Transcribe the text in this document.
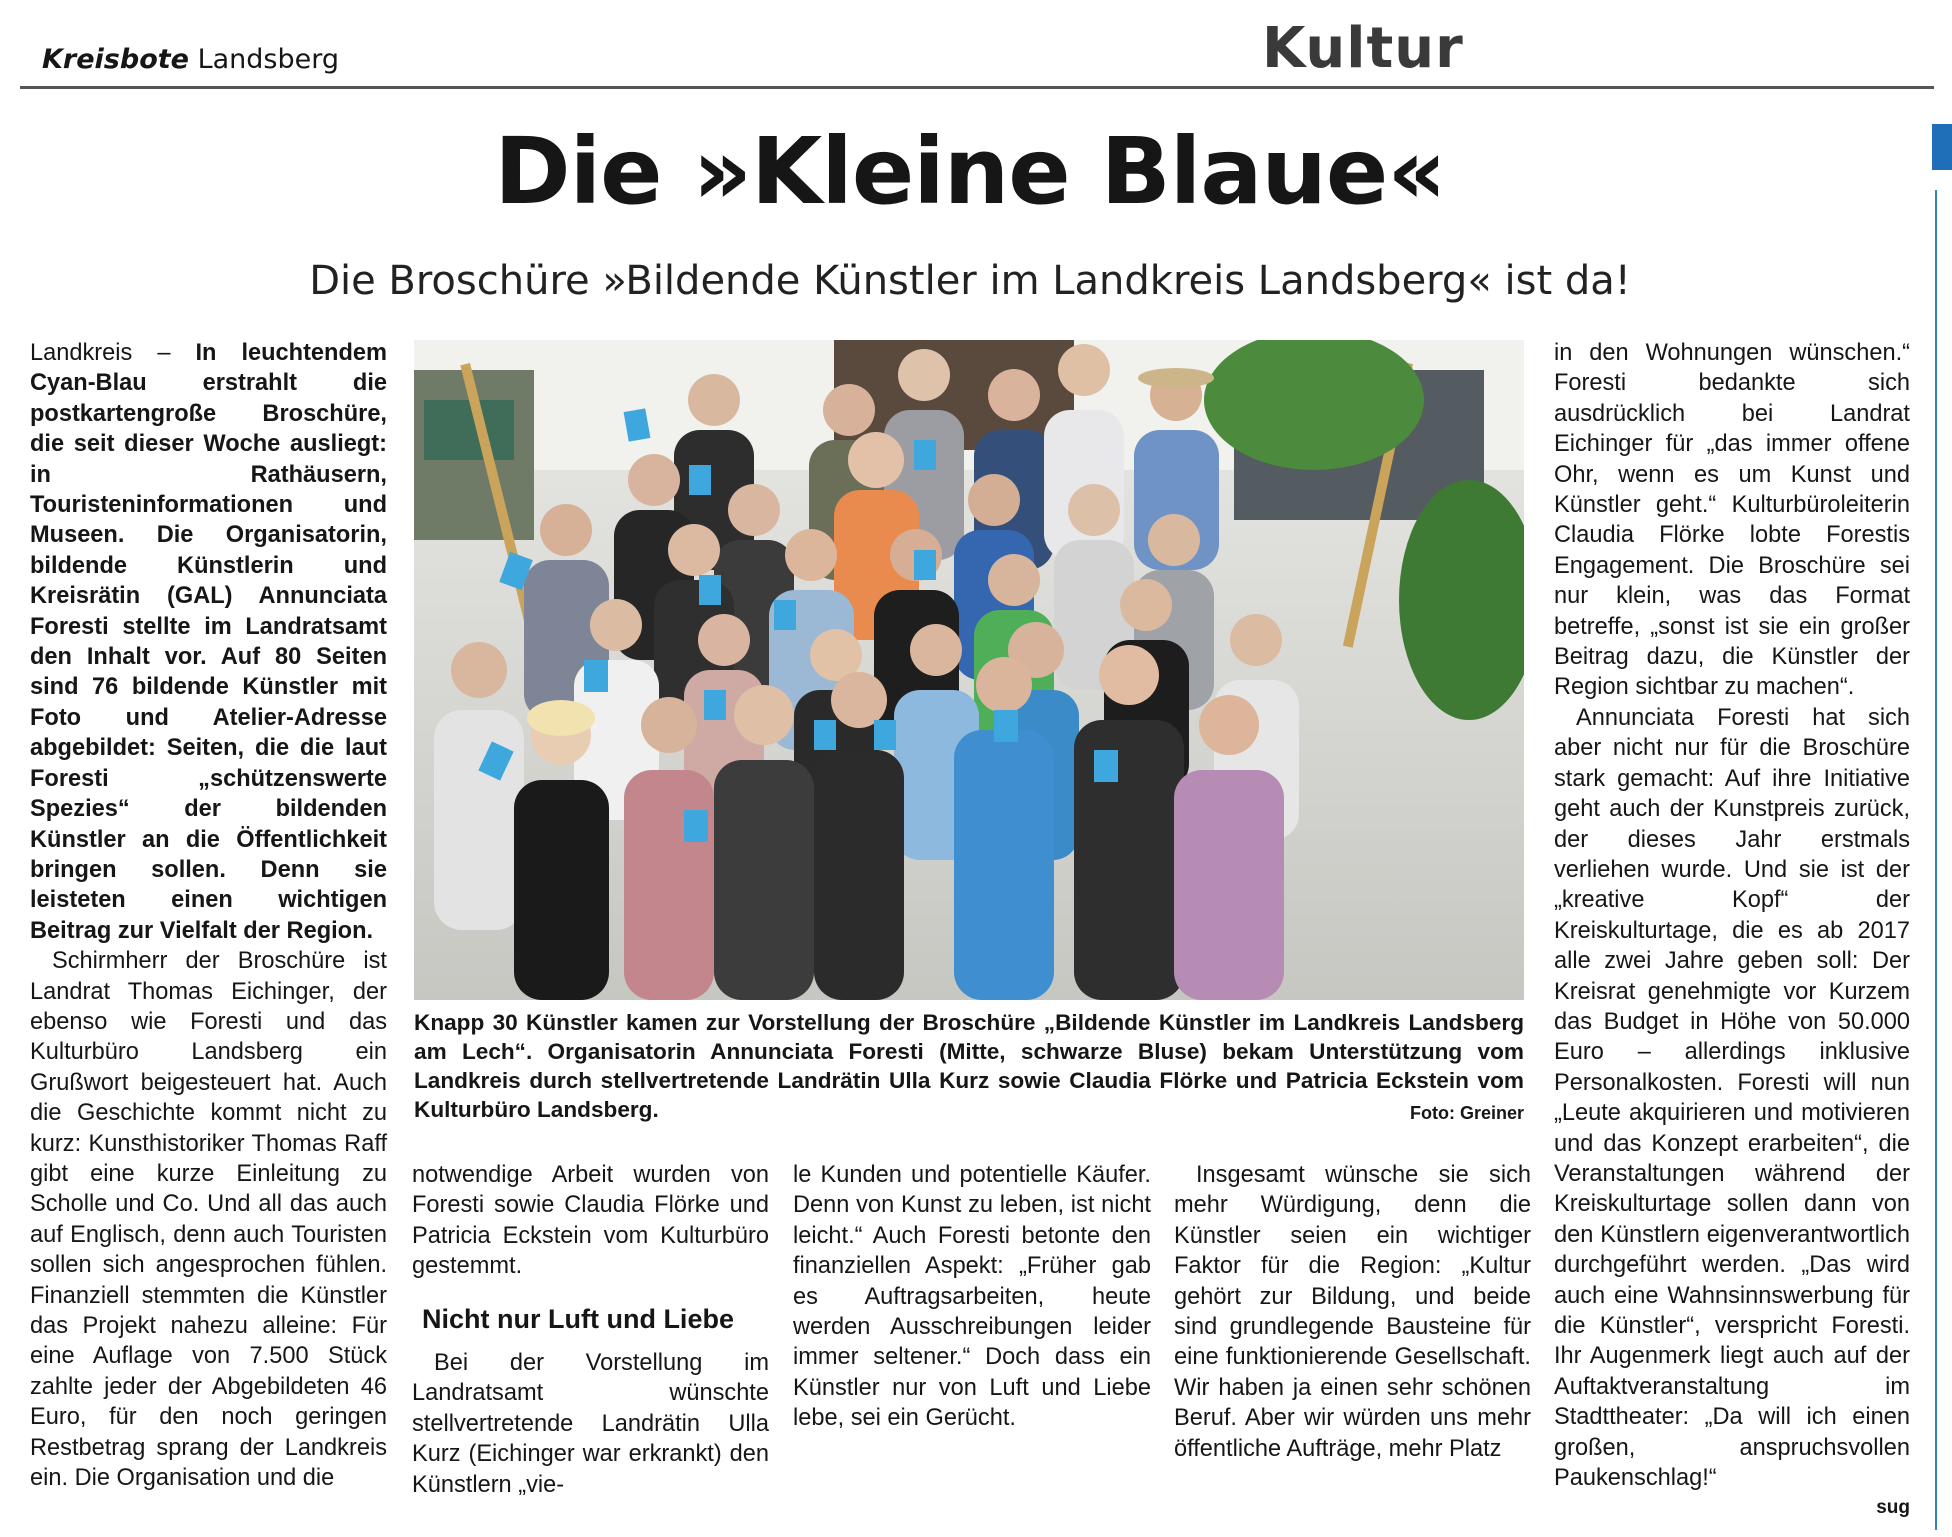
Kreisbote Landsberg	Kultur
Die »Kleine Blaue«
Die Broschüre »Bildende Künstler im Landkreis Landsberg« ist da!

Landkreis – In leuchtendem Cyan-Blau erstrahlt die postkartengroße Broschüre, die seit dieser Woche ausliegt: in Rathäusern, Touristeninformationen und Museen. Die Organisatorin, bildende Künstlerin und Kreisrätin (GAL) Annunciata Foresti stellte im Landratsamt den Inhalt vor. Auf 80 Seiten sind 76 bildende Künstler mit Foto und Atelier-Adresse abgebildet: Seiten, die die laut Foresti „schützenswerte Spezies“ der bildenden Künstler an die Öffentlichkeit bringen sollen. Denn sie leisteten einen wichtigen Beitrag zur Vielfalt der Region.

Schirmherr der Broschüre ist Landrat Thomas Eichinger, der ebenso wie Foresti und das Kulturbüro Landsberg ein Grußwort beigesteuert hat. Auch die Geschichte kommt nicht zu kurz: Kunsthistoriker Thomas Raff gibt eine kurze Einleitung zu Scholle und Co. Und all das auch auf Englisch, denn auch Touristen sollen sich angesprochen fühlen. Finanziell stemmten die Künstler das Projekt nahezu alleine: Für eine Auflage von 7.500 Stück zahlte jeder der Abgebildeten 46 Euro, für den noch geringen Restbetrag sprang der Landkreis ein. Die Organisation und die

Knapp 30 Künstler kamen zur Vorstellung der Broschüre „Bildende Künstler im Landkreis Landsberg am Lech“. Organisatorin Annunciata Foresti (Mitte, schwarze Bluse) bekam Unterstützung vom Landkreis durch stellvertretende Landrätin Ulla Kurz sowie Claudia Flörke und Patricia Eckstein vom Kulturbüro Landsberg.	Foto: Greiner

notwendige Arbeit wurden von Foresti sowie Claudia Flörke und Patricia Eckstein vom Kulturbüro gestemmt.

Nicht nur Luft und Liebe

Bei der Vorstellung im Landratsamt wünschte stellvertretende Landrätin Ulla Kurz (Eichinger war erkrankt) den Künstlern „vie-

le Kunden und potentielle Käufer. Denn von Kunst zu leben, ist nicht leicht.“ Auch Foresti betonte den finanziellen Aspekt: „Früher gab es Auftragsarbeiten, heute werden Ausschreibungen leider immer seltener.“ Doch dass ein Künstler nur von Luft und Liebe lebe, sei ein Gerücht.

Insgesamt wünsche sie sich mehr Würdigung, denn die Künstler seien ein wichtiger Faktor für die Region: „Kultur gehört zur Bildung, und beide sind grundlegende Bausteine für eine funktionierende Gesellschaft. Wir haben ja einen sehr schönen Beruf. Aber wir würden uns mehr öffentliche Aufträge, mehr Platz

in den Wohnungen wünschen.“ Foresti bedankte sich ausdrücklich bei Landrat Eichinger für „das immer offene Ohr, wenn es um Kunst und Künstler geht.“ Kulturbüroleiterin Claudia Flörke lobte Forestis Engagement. Die Broschüre sei nur klein, was das Format betreffe, „sonst ist sie ein großer Beitrag dazu, die Künstler der Region sichtbar zu machen“.

Annunciata Foresti hat sich aber nicht nur für die Broschüre stark gemacht: Auf ihre Initiative geht auch der Kunstpreis zurück, der dieses Jahr erstmals verliehen wurde. Und sie ist der „kreative Kopf“ der Kreiskulturtage, die es ab 2017 alle zwei Jahre geben soll: Der Kreisrat genehmigte vor Kurzem das Budget in Höhe von 50.000 Euro – allerdings inklusive Personalkosten. Foresti will nun „Leute akquirieren und motivieren und das Konzept erarbeiten“, die Veranstaltungen während der Kreiskulturtage sollen dann von den Künstlern eigenverantwortlich durchgeführt werden. „Das wird auch eine Wahnsinnswerbung für die Künstler“, verspricht Foresti. Ihr Augenmerk liegt auch auf der Auftaktveranstaltung im Stadttheater: „Da will ich einen großen, anspruchsvollen Paukenschlag!“

sug
